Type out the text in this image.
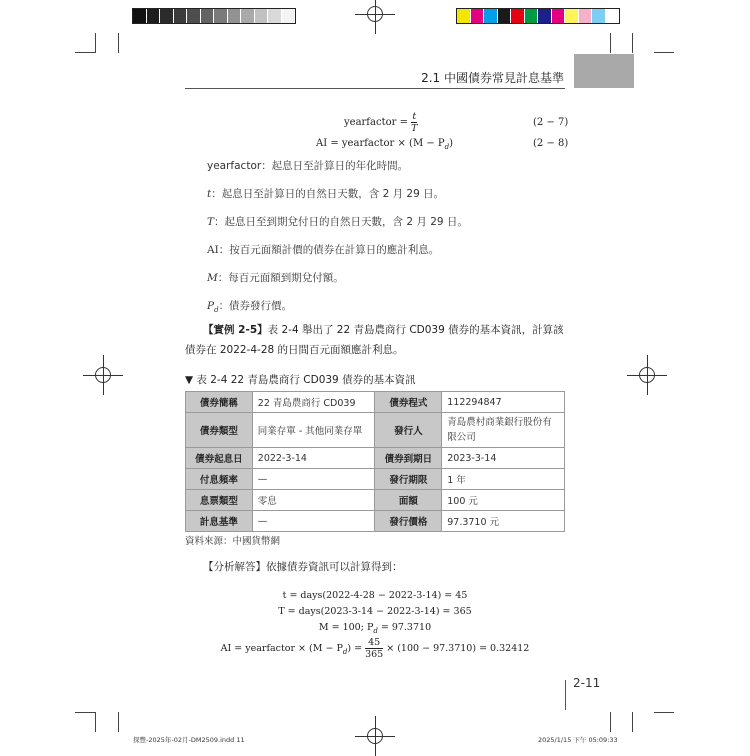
2.1 中國債券常見計息基準
yearfactor = $\frac{t}{T}$	(2 − 7)
AI = yearfactor × $(M - P_d)$	(2 − 8)
yearfactor：起息日至計算日的年化時間。
t：起息日至計算日的自然日天數，含 2 月 29 日。
T：起息日至到期兌付日的自然日天數，含 2 月 29 日。
AI：按百元面額計價的債券在計算日的應計利息。
M：每百元面額到期兌付額。
$P_d$：債券發行價。
【實例 2-5】表 2-4 舉出了 22 青島農商行 CD039 債券的基本資訊，計算該
債券在 2022-4-28 的日間百元面額應計利息。
▼ 表 2-4 22 青島農商行 CD039 債券的基本資訊
債券簡稱	22 青島農商行 CD039	債券程式	112294847
債券類型	同業存單 - 其他同業存單	發行人	青島農村商業銀行股份有限公司
債券起息日	2022-3-14	債券到期日	2023-3-14
付息頻率	—	發行期限	1 年
息票類型	零息	面額	100 元
計息基準	—	發行價格	97.3710 元
資料來源：中國貨幣網
【分析解答】依據債券資訊可以計算得到：
t = days(2022-4-28 − 2022-3-14) = 45
T = days(2023-3-14 − 2022-3-14) = 365
M = 100; $P_d = 97.3710$
AI = yearfactor × $(M - P_d) = \frac{45}{365} \times (100 - 97.3710) = 0.32412$
2-11
探豐-2025年-02月-DM2509.indd 11	2025/1/15 下午 05:09:33
